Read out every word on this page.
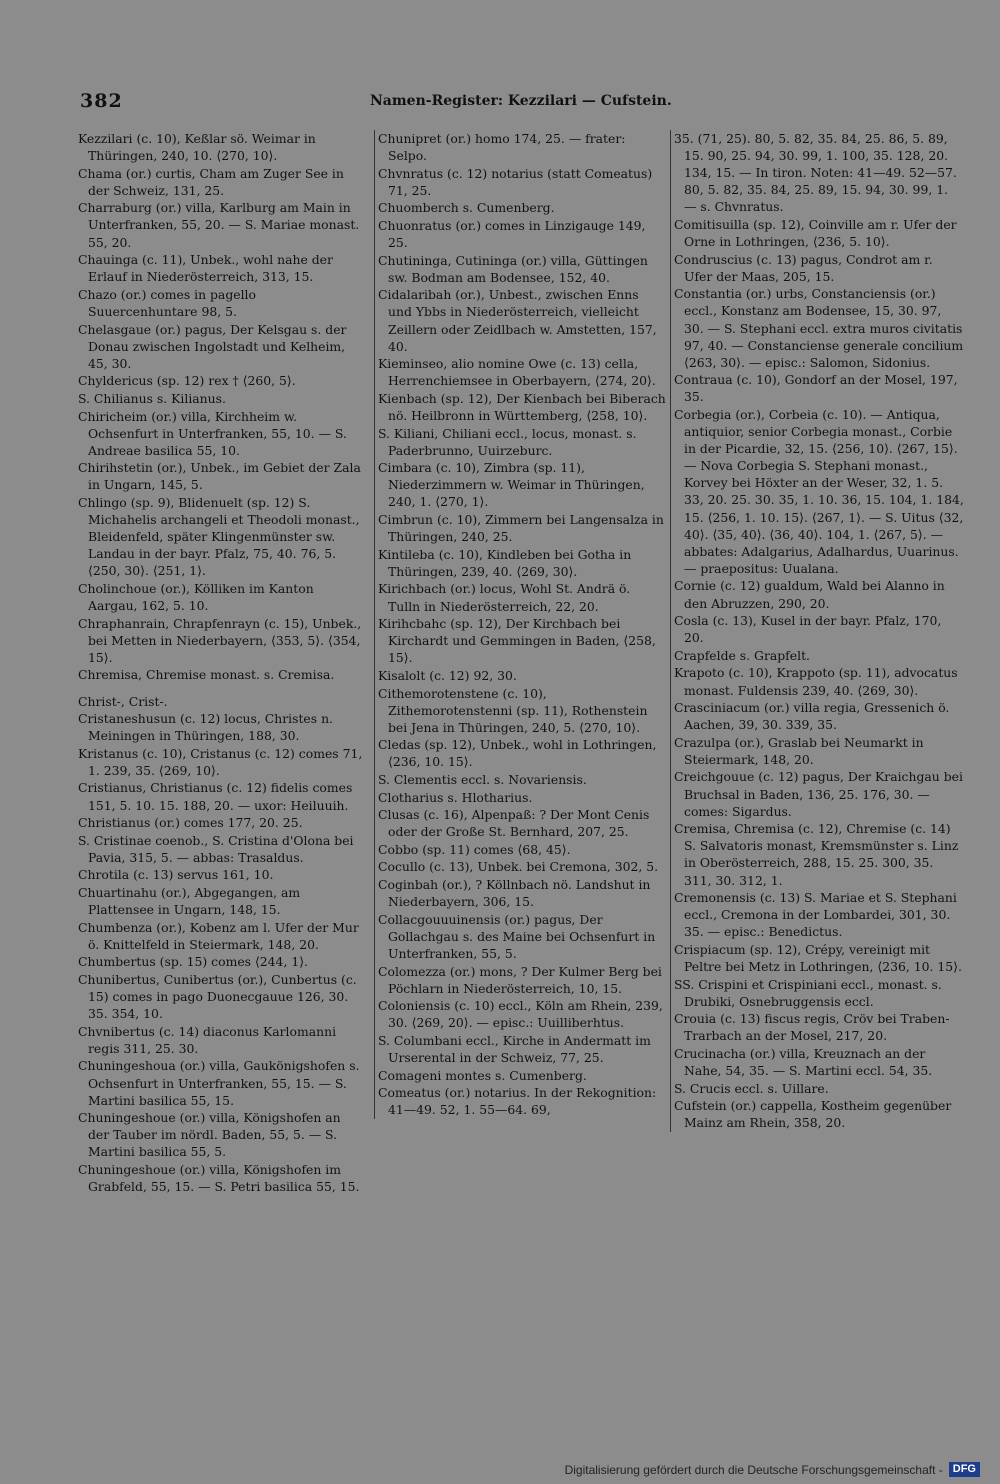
382	Namen-Register: Kezzilari — Cufstein.
Kezzilari (c. 10), Keßlar sö. Weimar in Thüringen, 240, 10. ⟨270, 10⟩.
Chama (or.) curtis, Cham am Zuger See in der Schweiz, 131, 25.
Charraburg (or.) villa, Karlburg am Main in Unterfranken, 55, 20. — S. Mariae monast. 55, 20.
Chauinga (c. 11), Unbek., wohl nahe der Erlauf in Niederösterreich, 313, 15.
Chazo (or.) comes in pagello Suuercenhuntare 98, 5.
Chelasgaue (or.) pagus, Der Kelsgau s. der Donau zwischen Ingolstadt und Kelheim, 45, 30.
Chyldericus (sp. 12) rex † ⟨260, 5⟩.
S. Chilianus s. Kilianus.
Chiricheim (or.) villa, Kirchheim w. Ochsenfurt in Unterfranken, 55, 10. — S. Andreae basilica 55, 10.
Chirihstetin (or.), Unbek., im Gebiet der Zala in Ungarn, 145, 5.
Chlingo (sp. 9), Blidenuelt (sp. 12) S. Michahelis archangeli et Theodoli monast., Bleidenfeld, später Klingenmünster sw. Landau in der bayr. Pfalz, 75, 40. 76, 5. ⟨250, 30⟩. ⟨251, 1⟩.
Cholinchoue (or.), Kölliken im Kanton Aargau, 162, 5. 10.
Chraphanrain, Chrapfenrayn (c. 15), Unbek., bei Metten in Niederbayern, ⟨353, 5⟩. ⟨354, 15⟩.
Chremisa, Chremise monast. s. Cremisa.
Christ-, Crist-.
Cristaneshusun (c. 12) locus, Christes n. Meiningen in Thüringen, 188, 30.
Kristanus (c. 10), Cristanus (c. 12) comes 71, 1. 239, 35. ⟨269, 10⟩.
Cristianus, Christianus (c. 12) fidelis comes 151, 5. 10. 15. 188, 20. — uxor: Heiluuih.
Christianus (or.) comes 177, 20. 25.
S. Cristinae coenob., S. Cristina d'Olona bei Pavia, 315, 5. — abbas: Trasaldus.
Chrotila (c. 13) servus 161, 10.
Chuartinahu (or.), Abgegangen, am Plattensee in Ungarn, 148, 15.
Chumbenza (or.), Kobenz am l. Ufer der Mur ö. Knittelfeld in Steiermark, 148, 20.
Chumbertus (sp. 15) comes ⟨244, 1⟩.
Chunibertus, Cunibertus (or.), Cunbertus (c. 15) comes in pago Duonecgauue 126, 30. 35. 354, 10.
Chvnibertus (c. 14) diaconus Karlomanni regis 311, 25. 30.
Chuningeshoua (or.) villa, Gaukönigshofen s. Ochsenfurt in Unterfranken, 55, 15. — S. Martini basilica 55, 15.
Chuningeshoue (or.) villa, Königshofen an der Tauber im nördl. Baden, 55, 5. — S. Martini basilica 55, 5.
Chuningeshoue (or.) villa, Königshofen im Grabfeld, 55, 15. — S. Petri basilica 55, 15.
Chunipret (or.) homo 174, 25. — frater: Selpo.
Chvnratus (c. 12) notarius (statt Comeatus) 71, 25.
Chuomberch s. Cumenberg.
Chuonratus (or.) comes in Linzigauge 149, 25.
Chutininga, Cutininga (or.) villa, Güttingen sw. Bodman am Bodensee, 152, 40.
Cidalaribah (or.), Unbest., zwischen Enns und Ybbs in Niederösterreich, vielleicht Zeillern oder Zeidlbach w. Amstetten, 157, 40.
Kieminseo, alio nomine Owe (c. 13) cella, Herrenchiemsee in Oberbayern, ⟨274, 20⟩.
Kienbach (sp. 12), Der Kienbach bei Biberach nö. Heilbronn in Württemberg, ⟨258, 10⟩.
S. Kiliani, Chiliani eccl., locus, monast. s. Paderbrunno, Uuirzeburc.
Cimbara (c. 10), Zimbra (sp. 11), Niederzimmern w. Weimar in Thüringen, 240, 1. ⟨270, 1⟩.
Cimbrun (c. 10), Zimmern bei Langensalza in Thüringen, 240, 25.
Kintileba (c. 10), Kindleben bei Gotha in Thüringen, 239, 40. ⟨269, 30⟩.
Kirichbach (or.) locus, Wohl St. Andrä ö. Tulln in Niederösterreich, 22, 20.
Kirihcbahc (sp. 12), Der Kirchbach bei Kirchardt und Gemmingen in Baden, ⟨258, 15⟩.
Kisalolt (c. 12) 92, 30.
Cithemorotenstene (c. 10), Zithemorotenstenni (sp. 11), Rothenstein bei Jena in Thüringen, 240, 5. ⟨270, 10⟩.
Cledas (sp. 12), Unbek., wohl in Lothringen, ⟨236, 10. 15⟩.
S. Clementis eccl. s. Novariensis.
Clotharius s. Hlotharius.
Clusas (c. 16), Alpenpaß: ? Der Mont Cenis oder der Große St. Bernhard, 207, 25.
Cobbo (sp. 11) comes ⟨68, 45⟩.
Cocullo (c. 13), Unbek. bei Cremona, 302, 5.
Coginbah (or.), ? Köllnbach nö. Landshut in Niederbayern, 306, 15.
Collacgouuuinensis (or.) pagus, Der Gollachgau s. des Maine bei Ochsenfurt in Unterfranken, 55, 5.
Colomezza (or.) mons, ? Der Kulmer Berg bei Pöchlarn in Niederösterreich, 10, 15.
Coloniensis (c. 10) eccl., Köln am Rhein, 239, 30. ⟨269, 20⟩. — episc.: Uuilliberhtus.
S. Columbani eccl., Kirche in Andermatt im Urserental in der Schweiz, 77, 25.
Comageni montes s. Cumenberg.
Comeatus (or.) notarius. In der Rekognition: 41—49. 52, 1. 55—64. 69,
35. (71, 25). 80, 5. 82, 35. 84, 25. 86, 5. 89, 15. 90, 25. 94, 30. 99, 1. 100, 35. 128, 20. 134, 15. — In tiron. Noten: 41—49. 52—57. 80, 5. 82, 35. 84, 25. 89, 15. 94, 30. 99, 1. — s. Chvnratus.
Comitisuilla (sp. 12), Coinville am r. Ufer der Orne in Lothringen, ⟨236, 5. 10⟩.
Condruscius (c. 13) pagus, Condrot am r. Ufer der Maas, 205, 15.
Constantia (or.) urbs, Constanciensis (or.) eccl., Konstanz am Bodensee, 15, 30. 97, 30. — S. Stephani eccl. extra muros civitatis 97, 40. — Constanciense generale concilium ⟨263, 30⟩. — episc.: Salomon, Sidonius.
Contraua (c. 10), Gondorf an der Mosel, 197, 35.
Corbegia (or.), Corbeia (c. 10). — Antiqua, antiquior, senior Corbegia monast., Corbie in der Picardie, 32, 15. ⟨256, 10⟩. ⟨267, 15⟩. — Nova Corbegia S. Stephani monast., Korvey bei Höxter an der Weser, 32, 1. 5. 33, 20. 25. 30. 35, 1. 10. 36, 15. 104, 1. 184, 15. ⟨256, 1. 10. 15⟩. ⟨267, 1⟩. — S. Uitus ⟨32, 40⟩. ⟨35, 40⟩. ⟨36, 40⟩. 104, 1. ⟨267, 5⟩. — abbates: Adalgarius, Adalhardus, Uuarinus. — praepositus: Uualana.
Cornie (c. 12) gualdum, Wald bei Alanno in den Abruzzen, 290, 20.
Cosla (c. 13), Kusel in der bayr. Pfalz, 170, 20.
Crapfelde s. Grapfelt.
Krapoto (c. 10), Krappoto (sp. 11), advocatus monast. Fuldensis 239, 40. ⟨269, 30⟩.
Crasciniacum (or.) villa regia, Gressenich ö. Aachen, 39, 30. 339, 35.
Crazulpa (or.), Graslab bei Neumarkt in Steiermark, 148, 20.
Creichgouue (c. 12) pagus, Der Kraichgau bei Bruchsal in Baden, 136, 25. 176, 30. — comes: Sigardus.
Cremisa, Chremisa (c. 12), Chremise (c. 14) S. Salvatoris monast, Kremsmünster s. Linz in Oberösterreich, 288, 15. 25. 300, 35. 311, 30. 312, 1.
Cremonensis (c. 13) S. Mariae et S. Stephani eccl., Cremona in der Lombardei, 301, 30. 35. — episc.: Benedictus.
Crispiacum (sp. 12), Crépy, vereinigt mit Peltre bei Metz in Lothringen, ⟨236, 10. 15⟩.
SS. Crispini et Crispiniani eccl., monast. s. Drubiki, Osnebruggensis eccl.
Crouia (c. 13) fiscus regis, Cröv bei Traben-Trarbach an der Mosel, 217, 20.
Crucinacha (or.) villa, Kreuznach an der Nahe, 54, 35. — S. Martini eccl. 54, 35.
S. Crucis eccl. s. Uillare.
Cufstein (or.) cappella, Kostheim gegenüber Mainz am Rhein, 358, 20.
Digitalisierung gefördert durch die Deutsche Forschungsgemeinschaft - DFG
